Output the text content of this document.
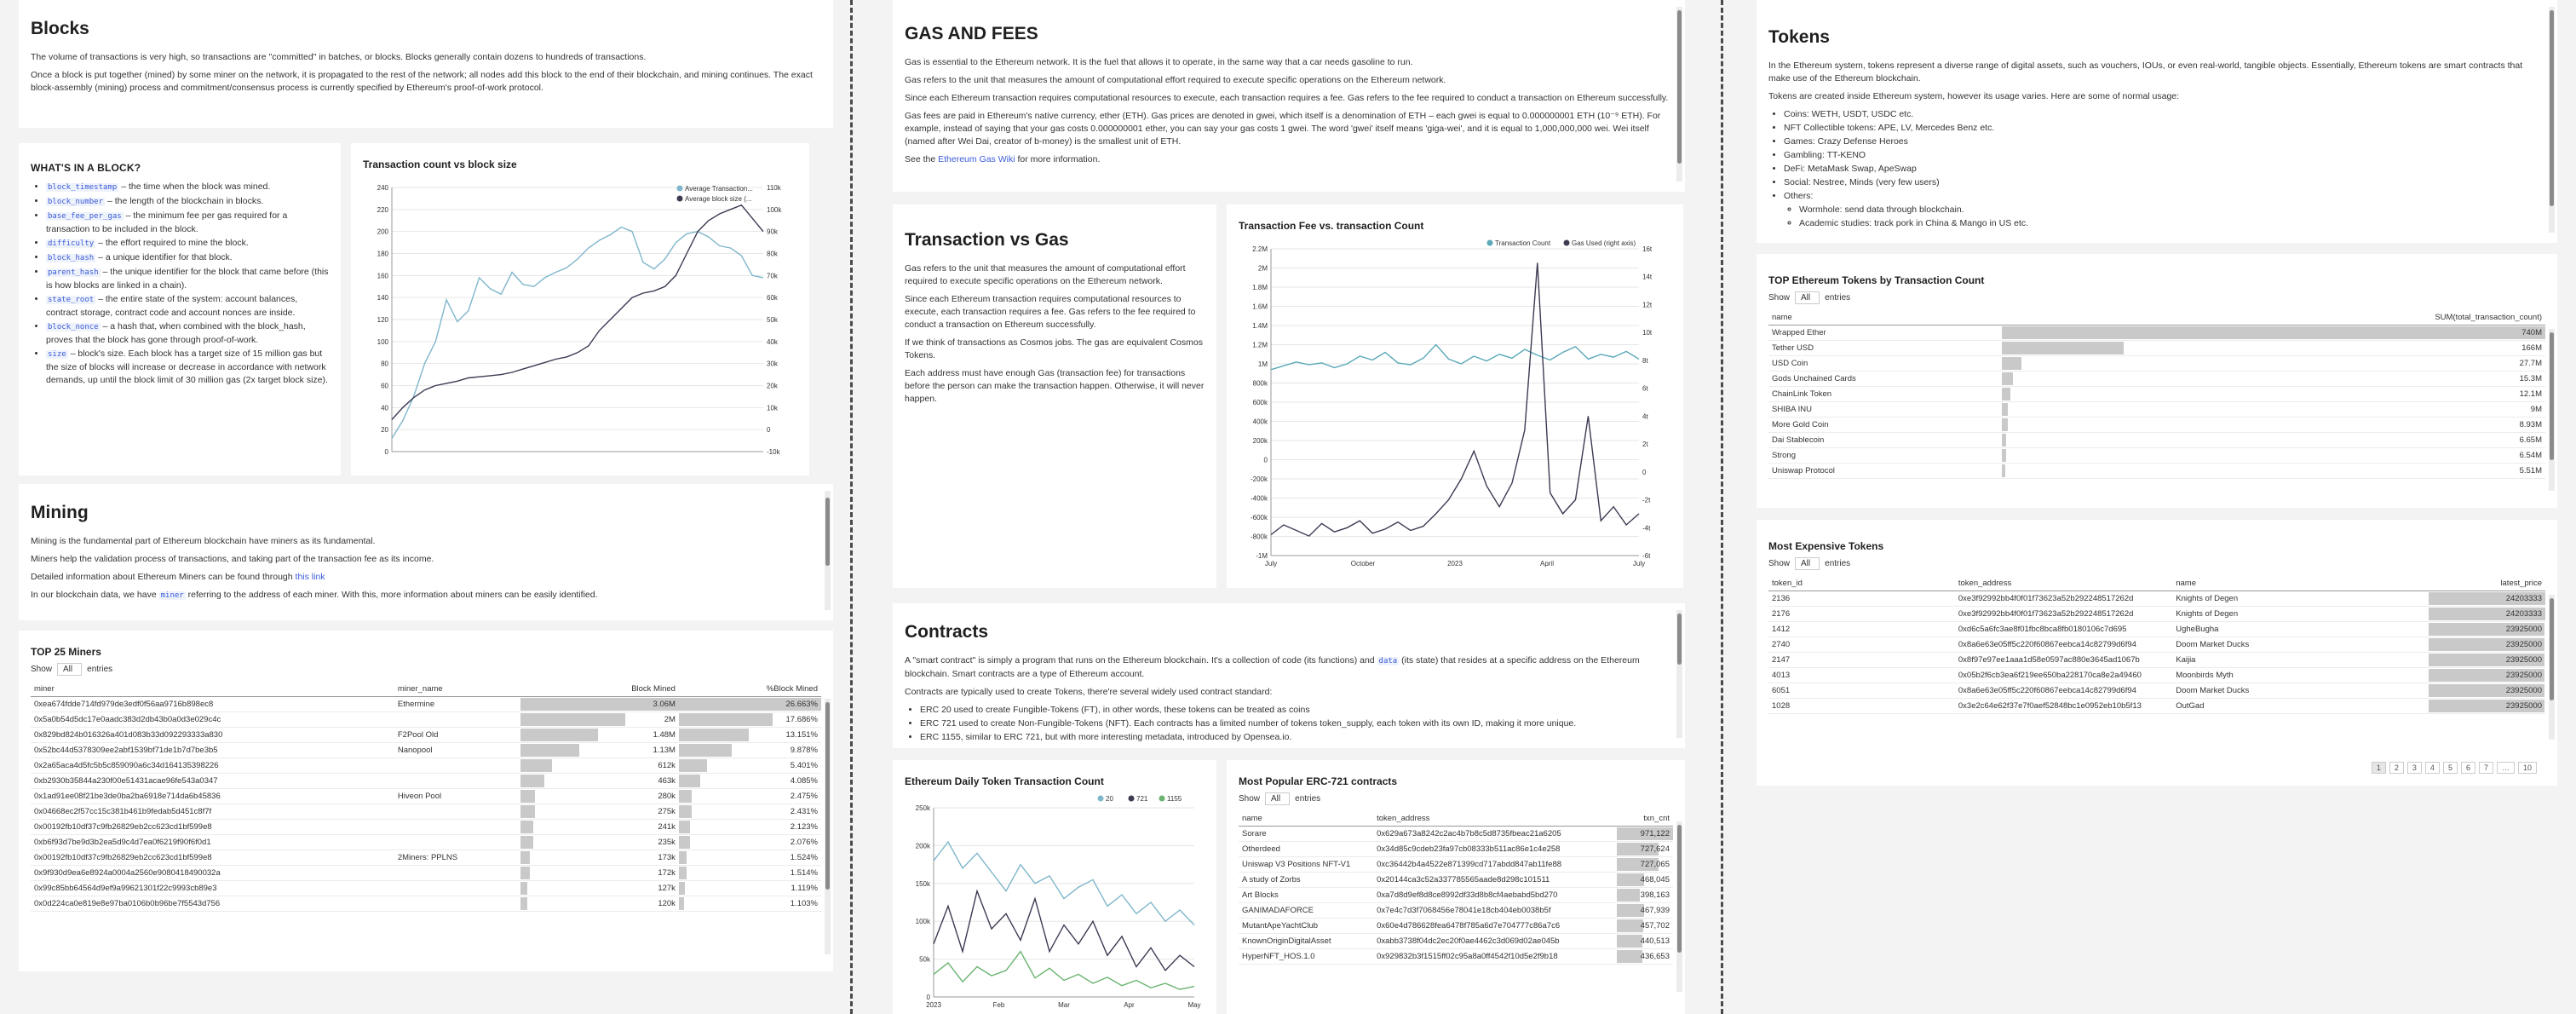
Blocks

The volume of transactions is very high, so transactions are "committed" in batches, or blocks. Blocks generally contain dozens to hundreds of transactions.

Once a block is put together (mined) by some miner on the network, it is propagated to the rest of the network; all nodes add this block to the end of their blockchain, and mining continues. The exact block-assembly (mining) process and commitment/consensus process is currently specified by Ethereum's proof-of-work protocol.

WHAT'S IN A BLOCK?
• block_timestamp – the time when the block was mined.
• block_number – the length of the blockchain in blocks.
• base_fee_per_gas – the minimum fee per gas required for a transaction to be included in the block.
• difficulty – the effort required to mine the block.
• block_hash – a unique identifier for that block.
• parent_hash – the unique identifier for the block that came before (this is how blocks are linked in a chain).
• state_root – the entire state of the system: account balances, contract storage, contract code and account nonces are inside.
• block_nonce – a hash that, when combined with the block_hash, proves that the block has gone through proof-of-work.
• size – block's size. Each block has a target size of 15 million gas but the size of blocks will increase or decrease in accordance with network demands, up until the block limit of 30 million gas (2x target block size).
Transaction count vs block size
240
220
200
180
160
140
120
100
80
60
40
20
0
110k
100k
90k
80k
70k
60k
50k
40k
30k
20k
10k
0
-10k
Average Transaction...
Average block size (...
Mining

Mining is the fundamental part of Ethereum blockchain have miners as its fundamental.

Miners help the validation process of transactions, and taking part of the transaction fee as its income.

Detailed information about Ethereum Miners can be found through this link

In our blockchain data, we have miner referring to the address of each miner. With this, more information about miners can be easily identified.

TOP 25 Miners
Show	All	entries
miner	miner_name	Block Mined	%Block Mined
0xea674fdde714fd979de3edf0f56aa9716b898ec8	Ethermine	3.06M	26.663%

0x5a0b54d5dc17e0aadc383d2db43b0a0d3e029c4c		2M	17.686%

0x829bd824b016326a401d083b33d092293333a830	F2Pool Old	1.48M	13.151%

0x52bc44d5378309ee2abf1539bf71de1b7d7be3b5	Nanopool	1.13M	9.878%

0x2a65aca4d5fc5b5c859090a6c34d164135398226		612k	5.401%

0xb2930b35844a230f00e51431acae96fe543a0347		463k	4.085%

0x1ad91ee08f21be3de0ba2ba6918e714da6b45836	Hiveon Pool	280k	2.475%

0x04668ec2f57cc15c381b461b9fedab5d451c8f7f		275k	2.431%

0x00192fb10df37c9fb26829eb2cc623cd1bf599e8		241k	2.123%

0xb6f93d7be9d3b2ea5d9c4d7ea0f6219f90f6f0d1		235k	2.076%

0x00192fb10df37c9fb26829eb2cc623cd1bf599e8	2Miners: PPLNS	173k	1.524%

0x9f930d9ea6e8924a0004a2560e9080418490032a		172k	1.514%

0x99c85bb64564d9ef9a99621301f22c9993cb89e3		127k	1.119%

0x0d224ca0e819e8e97ba0106b0b96be7f5543d756		120k	1.103%
GAS AND FEES

Gas is essential to the Ethereum network. It is the fuel that allows it to operate, in the same way that a car needs gasoline to run.

Gas refers to the unit that measures the amount of computational effort required to execute specific operations on the Ethereum network.

Since each Ethereum transaction requires computational resources to execute, each transaction requires a fee. Gas refers to the fee required to conduct a transaction on Ethereum successfully.

Gas fees are paid in Ethereum's native currency, ether (ETH). Gas prices are denoted in gwei, which itself is a denomination of ETH – each gwei is equal to 0.000000001 ETH (10⁻⁹ ETH). For example, instead of saying that your gas costs 0.000000001 ether, you can say your gas costs 1 gwei. The word 'gwei' itself means 'giga-wei', and it is equal to 1,000,000,000 wei. Wei itself (named after Wei Dai, creator of b-money) is the smallest unit of ETH.

See the Ethereum Gas Wiki for more information.

Transaction vs Gas

Gas refers to the unit that measures the amount of computational effort required to execute specific operations on the Ethereum network.

Since each Ethereum transaction requires computational resources to execute, each transaction requires a fee. Gas refers to the fee required to conduct a transaction on Ethereum successfully.

If we think of transactions as Cosmos jobs. The gas are equivalent Cosmos Tokens.

Each address must have enough Gas (transaction fee) for transactions before the person can make the transaction happen. Otherwise, it will never happen.

Transaction Fee vs. transaction Count
2.2M
2M
1.8M
1.6M
1.4M
1.2M
1M
800k
600k
400k
200k
0
-200k
-400k
-600k
-800k
-1M
16t
14t
12t
10t
8t
6t
4t
2t
0
-2t
-4t
-6t
July	October	2023	April	July
Transaction Count	Gas Used (right axis)
Contracts

A "smart contract" is simply a program that runs on the Ethereum blockchain. It's a collection of code (its functions) and data (its state) that resides at a specific address on the Ethereum blockchain. Smart contracts are a type of Ethereum account.

Contracts are typically used to create Tokens, there're several widely used contract standard:

• ERC 20 used to create Fungible-Tokens (FT), in other words, these tokens can be treated as coins
• ERC 721 used to create Non-Fungible-Tokens (NFT). Each contracts has a limited number of tokens token_supply, each token with its own ID, making it more unique.
• ERC 1155, similar to ERC 721, but with more interesting metadata, introduced by Opensea.io.
Ethereum Daily Token Transaction Count
250k
200k
150k
100k
50k
0
2023	Feb	Mar	Apr	May
20	721	1155
Most Popular ERC-721 contracts
Show	All	entries
name	token_address	txn_cnt
Sorare	0x629a673a8242c2ac4b7b8c5d8735fbeac21a6205	971,122

Otherdeed	0x34d85c9cdeb23fa97cb08333b511ac86e1c4e258	727,624

Uniswap V3 Positions NFT-V1	0xc36442b4a4522e871399cd717abdd847ab11fe88	727,065

A study of Zorbs	0x20144ca3c52a337785565aade8d298c101511	468,045

Art Blocks	0xa7d8d9ef8d8ce8992df33d8b8cf4aebabd5bd270	398,163

GANIMADAFORCE	0x7e4c7d3f7068456e78041e18cb404eb0038b5f	467,939

MutantApeYachtClub	0x60e4d786628fea6478f785a6d7e704777c86a7c6	457,702

KnownOriginDigitalAsset	0xabb3738f04dc2ec20f0ae4462c3d069d02ae045b	440,513

HyperNFT_HOS.1.0	0x929832b3f1515ff02c95a8a0ff4542f10d5e2f9b18	436,653
Tokens

In the Ethereum system, tokens represent a diverse range of digital assets, such as vouchers, IOUs, or even real-world, tangible objects. Essentially, Ethereum tokens are smart contracts that make use of the Ethereum blockchain.

Tokens are created inside Ethereum system, however its usage varies. Here are some of normal usage:

• Coins: WETH, USDT, USDC etc.
• NFT Collectible tokens: APE, LV, Mercedes Benz etc.
• Games: Crazy Defense Heroes
• Gambling: TT-KENO
• DeFi: MetaMask Swap, ApeSwap
• Social: Nestree, Minds (very few users)
• Others:
◦ Wormhole: send data through blockchain.
◦ Academic studies: track pork in China & Mango in US etc.
TOP Ethereum Tokens by Transaction Count
Show	All	entries
name	SUM(total_transaction_count)
Wrapped Ether	740M

Tether USD	166M

USD Coin	27.7M

Gods Unchained Cards	15.3M

ChainLink Token	12.1M

SHIBA INU	9M

More Gold Coin	8.93M

Dai Stablecoin	6.65M

Strong	6.54M

Uniswap Protocol	5.51M
Most Expensive Tokens
Show	All	entries
token_id	token_address	name	latest_price
2136	0xe3f92992bb4f0f01f73623a52b292248517262d	Knights of Degen	24203333

2176	0xe3f92992bb4f0f01f73623a52b292248517262d	Knights of Degen	24203333

1412	0xd6c5a6fc3ae8f01fbc8bca8fb0180106c7d695	UgheBugha	23925000

2740	0x8a6e63e05ff5c220f60867eebca14c82799d6f94	Doom Market Ducks	23925000

2147	0x8f97e97ee1aaa1d58e0597ac880e3645ad1067b	Kaijia	23925000

4013	0x05b2f6cb3ea6f219ee650ba228170ca8e2a49460	Moonbirds Myth	23925000

6051	0x8a6e63e05ff5c220f60867eebca14c82799d6f94	Doom Market Ducks	23925000

1028	0x3e2c64e62f37e7f0aef52848bc1e0952eb10b5f13	OutGad	23925000
1	2	3	4	5	6	7	…	10
